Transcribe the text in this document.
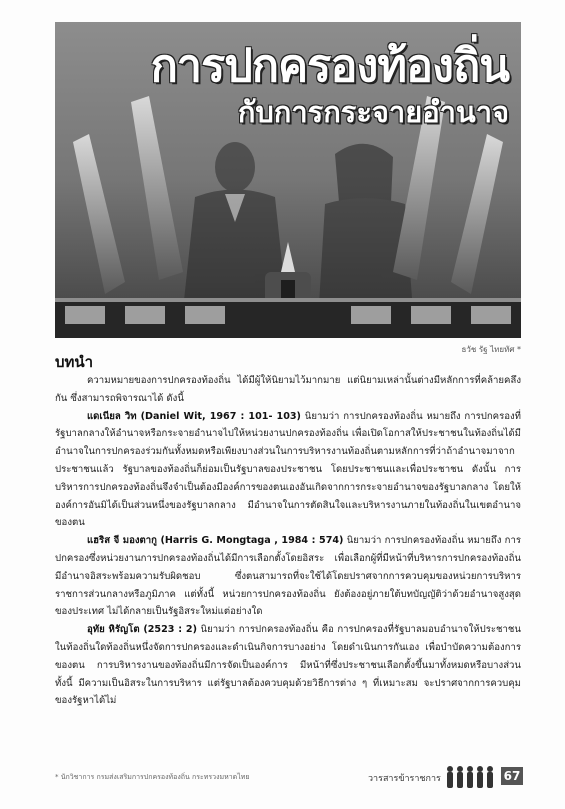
การปกครองท้องถิ่น
กับการกระจายอำนาจ
ธวัช รัฐ ไทยทัศ *
บทนำ

ความหมายของการปกครองท้องถิ่น ได้มีผู้ให้นิยามไว้มากมาย แต่นิยามเหล่านั้นต่างมีหลักการที่คล้ายคลึงกัน ซึ่งสามารถพิจารณาได้ ดังนี้

แดเนียล วิท (Daniel Wit, 1967 : 101- 103) นิยามว่า การปกครองท้องถิ่น หมายถึง การปกครองที่รัฐบาลกลางให้อำนาจหรือกระจายอำนาจไปให้หน่วยงานปกครองท้องถิ่น เพื่อเปิดโอกาสให้ประชาชนในท้องถิ่นได้มีอำนาจในการปกครองร่วมกันทั้งหมดหรือเพียงบางส่วนในการบริหารงานท้องถิ่นตามหลักการที่ว่าถ้าอำนาจมาจากประชาชนแล้ว รัฐบาลของท้องถิ่นก็ย่อมเป็นรัฐบาลของประชาชน โดยประชาชนและเพื่อประชาชน ดังนั้น การบริหารการปกครองท้องถิ่นจึงจำเป็นต้องมีองค์การของตนเองอันเกิดจากการกระจายอำนาจของรัฐบาลกลาง โดยให้องค์การอันมิได้เป็นส่วนหนึ่งของรัฐบาลกลาง มีอำนาจในการตัดสินใจและบริหารงานภายในท้องถิ่นในเขตอำนาจของตน

แฮริส จี มองตากู (Harris G. Mongtaga , 1984 : 574) นิยามว่า การปกครองท้องถิ่น หมายถึง การปกครองซึ่งหน่วยงานการปกครองท้องถิ่นได้มีการเลือกตั้งโดยอิสระ เพื่อเลือกผู้ที่มีหน้าที่บริหารการปกครองท้องถิ่น มีอำนาจอิสระพร้อมความรับผิดชอบ ซึ่งตนสามารถที่จะใช้ได้โดยปราศจากการควบคุมของหน่วยการบริหารราชการส่วนกลางหรือภูมิภาค แต่ทั้งนี้ หน่วยการปกครองท้องถิ่น ยังต้องอยู่ภายใต้บทบัญญัติว่าด้วยอำนาจสูงสุดของประเทศ ไม่ได้กลายเป็นรัฐอิสระใหม่แต่อย่างใด

อุทัย หิรัญโต (2523 : 2) นิยามว่า การปกครองท้องถิ่น คือ การปกครองที่รัฐบาลมอบอำนาจให้ประชาชนในท้องถิ่นใดท้องถิ่นหนึ่งจัดการปกครองและดำเนินกิจการบางอย่าง โดยดำเนินการกันเอง เพื่อบำบัดความต้องการของตน การบริหารงานของท้องถิ่นมีการจัดเป็นองค์การ มีหน้าที่ซึ่งประชาชนเลือกตั้งขึ้นมาทั้งหมดหรือบางส่วน ทั้งนี้ มีความเป็นอิสระในการบริหาร แต่รัฐบาลต้องควบคุมด้วยวิธีการต่าง ๆ ที่เหมาะสม จะปราศจากการควบคุมของรัฐหาได้ไม่

* นักวิชาการ กรมส่งเสริมการปกครองท้องถิ่น กระทรวงมหาดไทย	วารสารข้าราชการ	67
